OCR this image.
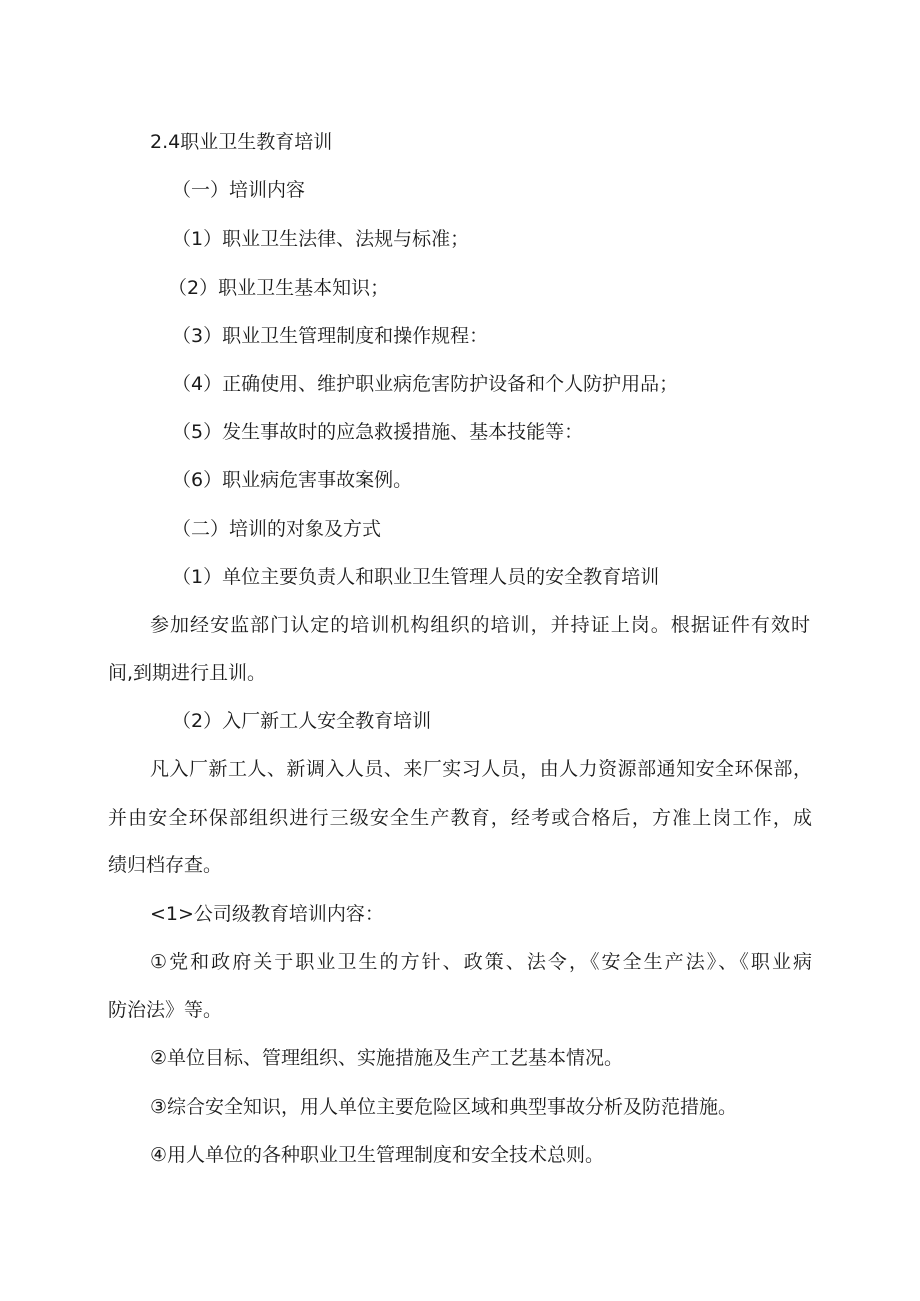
2.4职业卫生教育培训
（一）培训内容
（1）职业卫生法律、法规与标准；
（2）职业卫生基本知识；
（3）职业卫生管理制度和操作规程：
（4）正确使用、维护职业病危害防护设备和个人防护用品；
（5）发生事故时的应急救援措施、基本技能等：
（6）职业病危害事故案例。
（二）培训的对象及方式
（1）单位主要负责人和职业卫生管理人员的安全教育培训
参加经安监部门认定的培训机构组织的培训，并持证上岗。根据证件有效时
间,到期进行且训。
（2）入厂新工人安全教育培训
凡入厂新工人、新调入人员、来厂实习人员，由人力资源部通知安全环保部，
并由安全环保部组织进行三级安全生产教育，经考或合格后，方准上岗工作，成
绩归档存查。
<1>公司级教育培训内容：
①党和政府关于职业卫生的方针、政策、法令，《安全生产法》、《职业病
防治法》等。
②单位目标、管理组织、实施措施及生产工艺基本情况。
③综合安全知识，用人单位主要危险区域和典型事故分析及防范措施。
④用人单位的各种职业卫生管理制度和安全技术总则。
